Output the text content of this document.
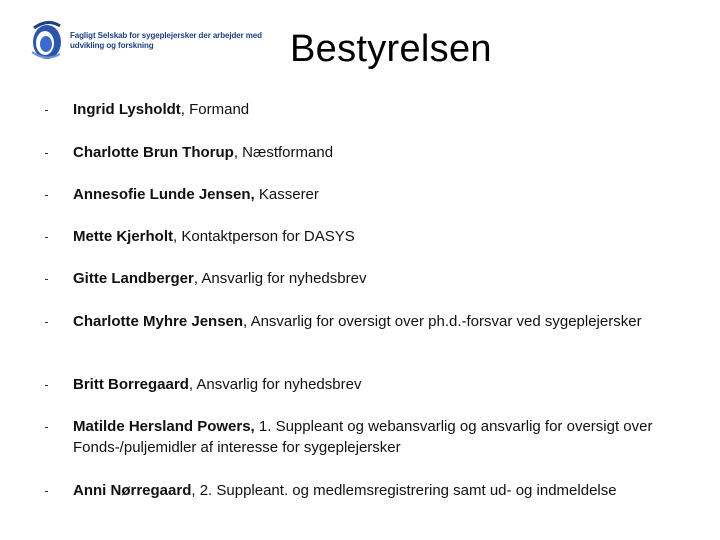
Fagligt Selskab for sygeplejersker der arbejder med
udvikling og forskning	Bestyrelsen
Ingrid Lysholdt, Formand
Charlotte Brun Thorup, Næstformand
Annesofie Lunde Jensen, Kasserer
Mette Kjerholt, Kontaktperson for DASYS
Gitte Landberger, Ansvarlig for nyhedsbrev
Charlotte Myhre Jensen, Ansvarlig for oversigt over ph.d.-forsvar ved sygeplejersker
Britt Borregaard, Ansvarlig for nyhedsbrev
Matilde Hersland Powers, 1. Suppleant og webansvarlig og ansvarlig for oversigt over Fonds-/puljemidler af interesse for sygeplejersker
Anni Nørregaard, 2. Suppleant. og medlemsregistrering samt ud- og indmeldelse
